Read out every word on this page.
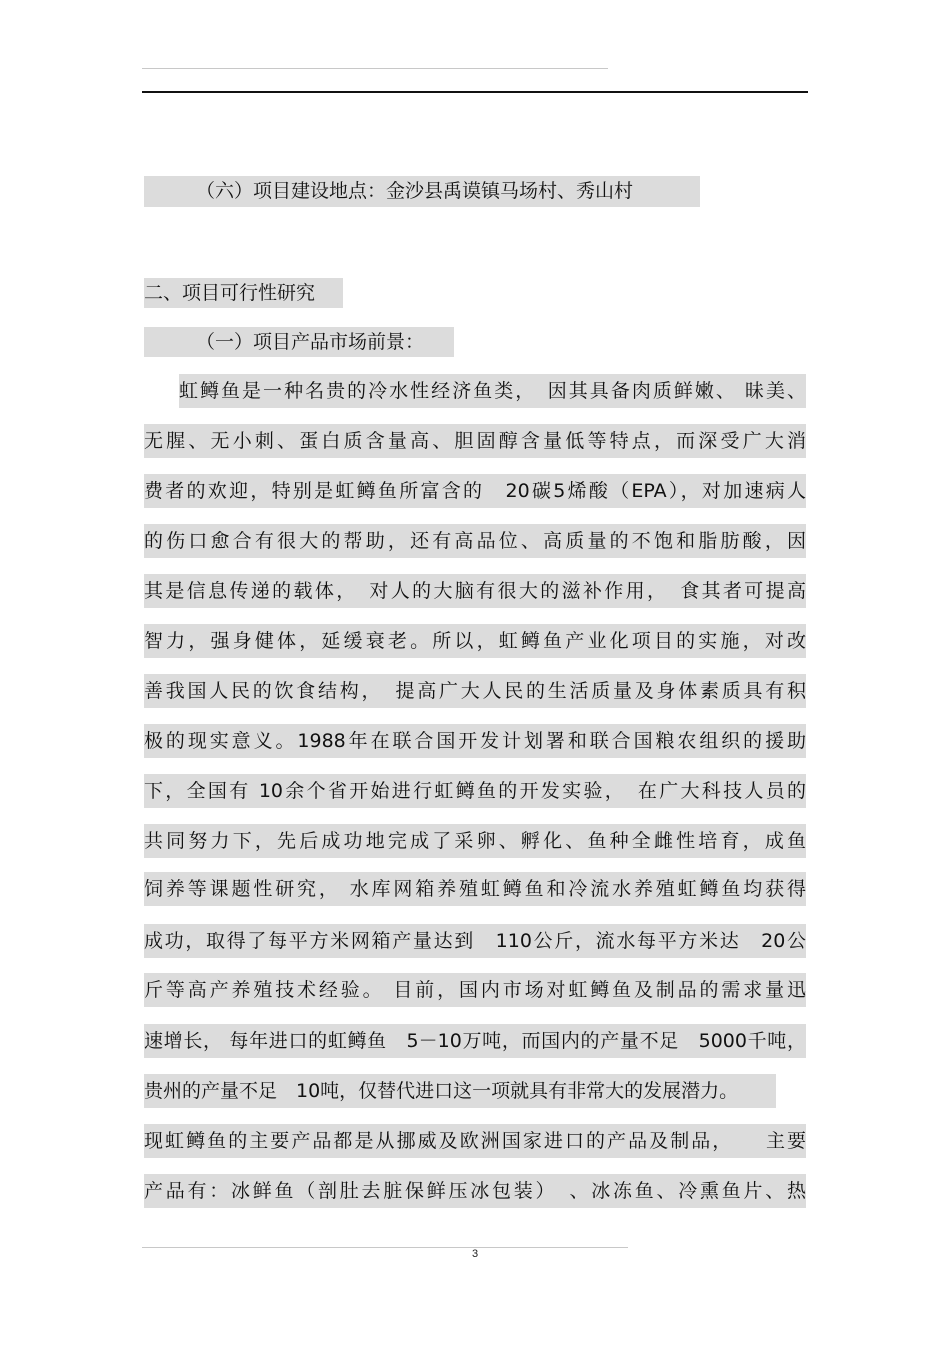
（六）项目建设地点：金沙县禹谟镇马场村、秀山村
二、项目可行性研究
（一）项目产品市场前景：
虹鳟鱼是一种名贵的冷水性经济鱼类，　因其具备肉质鲜嫩、 昧美、
无腥、无小刺、蛋白质含量高、胆固醇含量低等特点，而深受广大消
费者的欢迎，特别是虹鳟鱼所富含的　20碳5烯酸（EPA），对加速病人
的伤口愈合有很大的帮助，还有高品位、高质量的不饱和脂肪酸，因
其是信息传递的载体，　对人的大脑有很大的滋补作用，　食其者可提高
智力，强身健体，延缓衰老。所以，虹鳟鱼产业化项目的实施，对改
善我国人民的饮食结构，　提高广大人民的生活质量及身体素质具有积
极的现实意义。1988年在联合国开发计划署和联合国粮农组织的援助
下，全国有 10余个省开始进行虹鳟鱼的开发实验，　在广大科技人员的
共同努力下，先后成功地完成了采卵、孵化、鱼种全雌性培育，成鱼
饲养等课题性研究， 水库网箱养殖虹鳟鱼和冷流水养殖虹鳟鱼均获得
成功，取得了每平方米网箱产量达到　110公斤，流水每平方米达　20公
斤等高产养殖技术经验。 目前，国内市场对虹鳟鱼及制品的需求量迅
速增长， 每年进口的虹鳟鱼　5－10万吨，而国内的产量不足　5000千吨，
贵州的产量不足　10吨，仅替代进口这一项就具有非常大的发展潜力。
现虹鳟鱼的主要产品都是从挪威及欧洲国家进口的产品及制品，　　主要
产品有：冰鲜鱼（剖肚去脏保鲜压冰包装）　、冰冻鱼、冷熏鱼片、热
3
